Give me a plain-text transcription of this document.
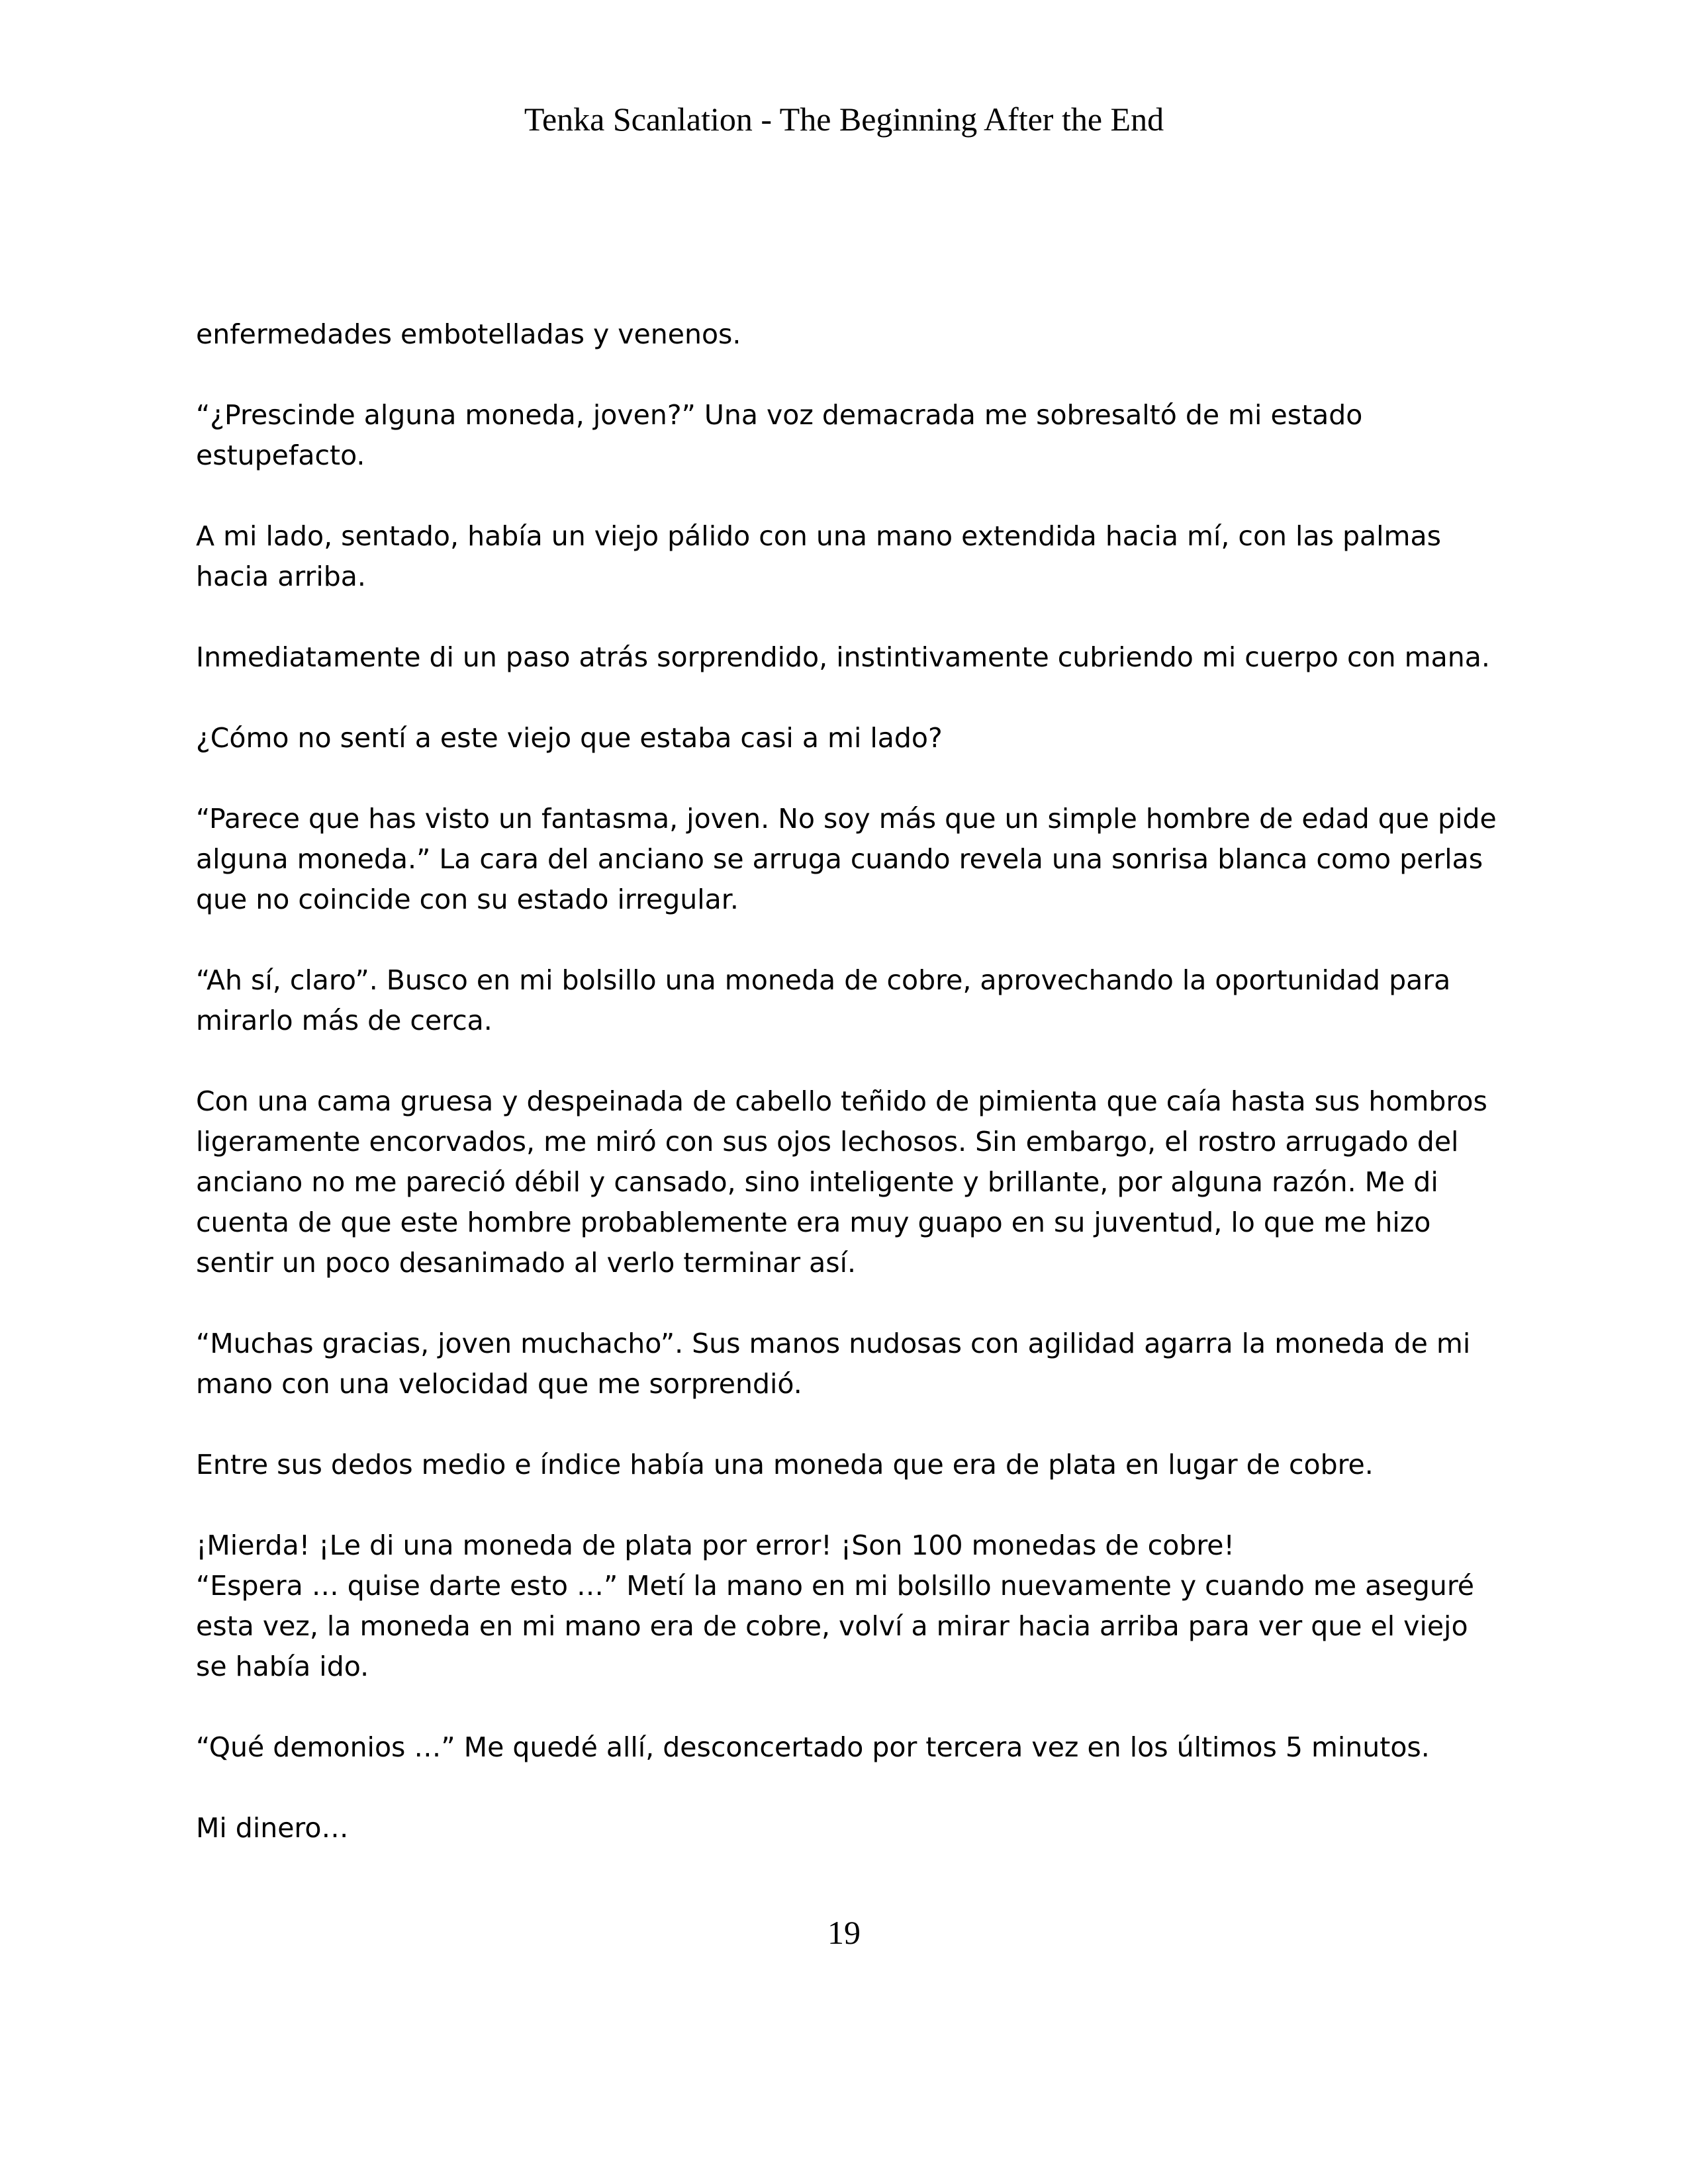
Tenka Scanlation - The Beginning After the End

enfermedades embotelladas y venenos.

“¿Prescinde alguna moneda, joven?” Una voz demacrada me sobresaltó de mi estado estupefacto.

A mi lado, sentado, había un viejo pálido con una mano extendida hacia mí, con las palmas hacia arriba.

Inmediatamente di un paso atrás sorprendido, instintivamente cubriendo mi cuerpo con mana.

¿Cómo no sentí a este viejo que estaba casi a mi lado?

“Parece que has visto un fantasma, joven. No soy más que un simple hombre de edad que pide alguna moneda.” La cara del anciano se arruga cuando revela una sonrisa blanca como perlas que no coincide con su estado irregular.

“Ah sí, claro”. Busco en mi bolsillo una moneda de cobre, aprovechando la oportunidad para mirarlo más de cerca.

Con una cama gruesa y despeinada de cabello teñido de pimienta que caía hasta sus hombros ligeramente encorvados, me miró con sus ojos lechosos. Sin embargo, el rostro arrugado del anciano no me pareció débil y cansado, sino inteligente y brillante, por alguna razón. Me di cuenta de que este hombre probablemente era muy guapo en su juventud, lo que me hizo sentir un poco desanimado al verlo terminar así.

“Muchas gracias, joven muchacho”. Sus manos nudosas con agilidad agarra la moneda de mi mano con una velocidad que me sorprendió.

Entre sus dedos medio e índice había una moneda que era de plata en lugar de cobre.

¡Mierda! ¡Le di una moneda de plata por error! ¡Son 100 monedas de cobre!

“Espera … quise darte esto …” Metí la mano en mi bolsillo nuevamente y cuando me aseguré esta vez, la moneda en mi mano era de cobre, volví a mirar hacia arriba para ver que el viejo se había ido.

“Qué demonios …” Me quedé allí, desconcertado por tercera vez en los últimos 5 minutos.

Mi dinero…

19
